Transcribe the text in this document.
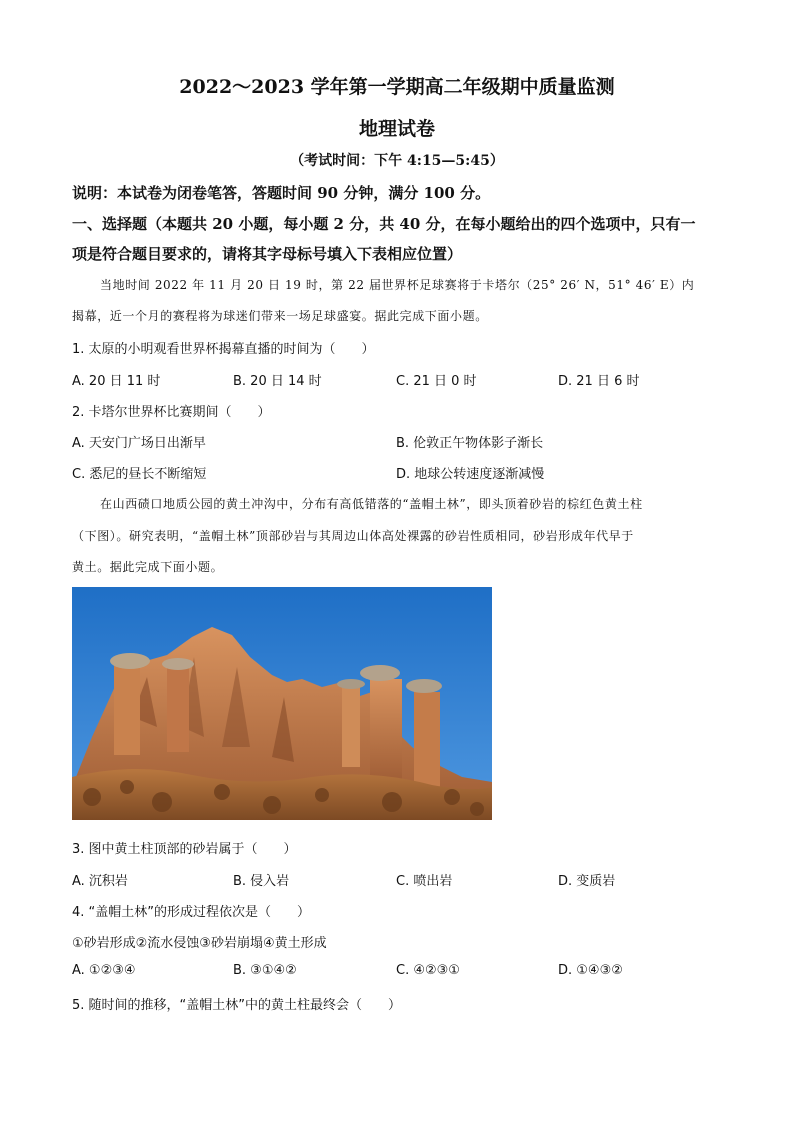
2022～2023 学年第一学期高二年级期中质量监测
地理试卷
（考试时间：下午 4:15—5:45）
说明：本试卷为闭卷笔答，答题时间 90 分钟，满分 100 分。
一、选择题（本题共 20 小题，每小题 2 分，共 40 分，在每小题给出的四个选项中，只有一
项是符合题目要求的，请将其字母标号填入下表相应位置）
当地时间 2022 年 11 月 20 日 19 时，第 22 届世界杯足球赛将于卡塔尔（25° 26′ N，51° 46′ E）内
揭幕，近一个月的赛程将为球迷们带来一场足球盛宴。据此完成下面小题。
1. 太原的小明观看世界杯揭幕直播的时间为（　　）
A. 20 日 11 时	B. 20 日 14 时	C. 21 日 0 时	D. 21 日 6 时
2. 卡塔尔世界杯比赛期间（　　）
A. 天安门广场日出渐早	B. 伦敦正午物体影子渐长
C. 悉尼的昼长不断缩短	D. 地球公转速度逐渐减慢
在山西碛口地质公园的黄土冲沟中，分布有高低错落的“盖帽土林”，即头顶着砂岩的棕红色黄土柱
（下图）。研究表明，“盖帽土林”顶部砂岩与其周边山体高处裸露的砂岩性质相同，砂岩形成年代早于
黄土。据此完成下面小题。
3. 图中黄土柱顶部的砂岩属于（　　）
A. 沉积岩	B. 侵入岩	C. 喷出岩	D. 变质岩
4. “盖帽土林”的形成过程依次是（　　）
①砂岩形成②流水侵蚀③砂岩崩塌④黄土形成
A. ①②③④	B. ③①④②	C. ④②③①	D. ①④③②
5. 随时间的推移，“盖帽土林”中的黄土柱最终会（　　）
